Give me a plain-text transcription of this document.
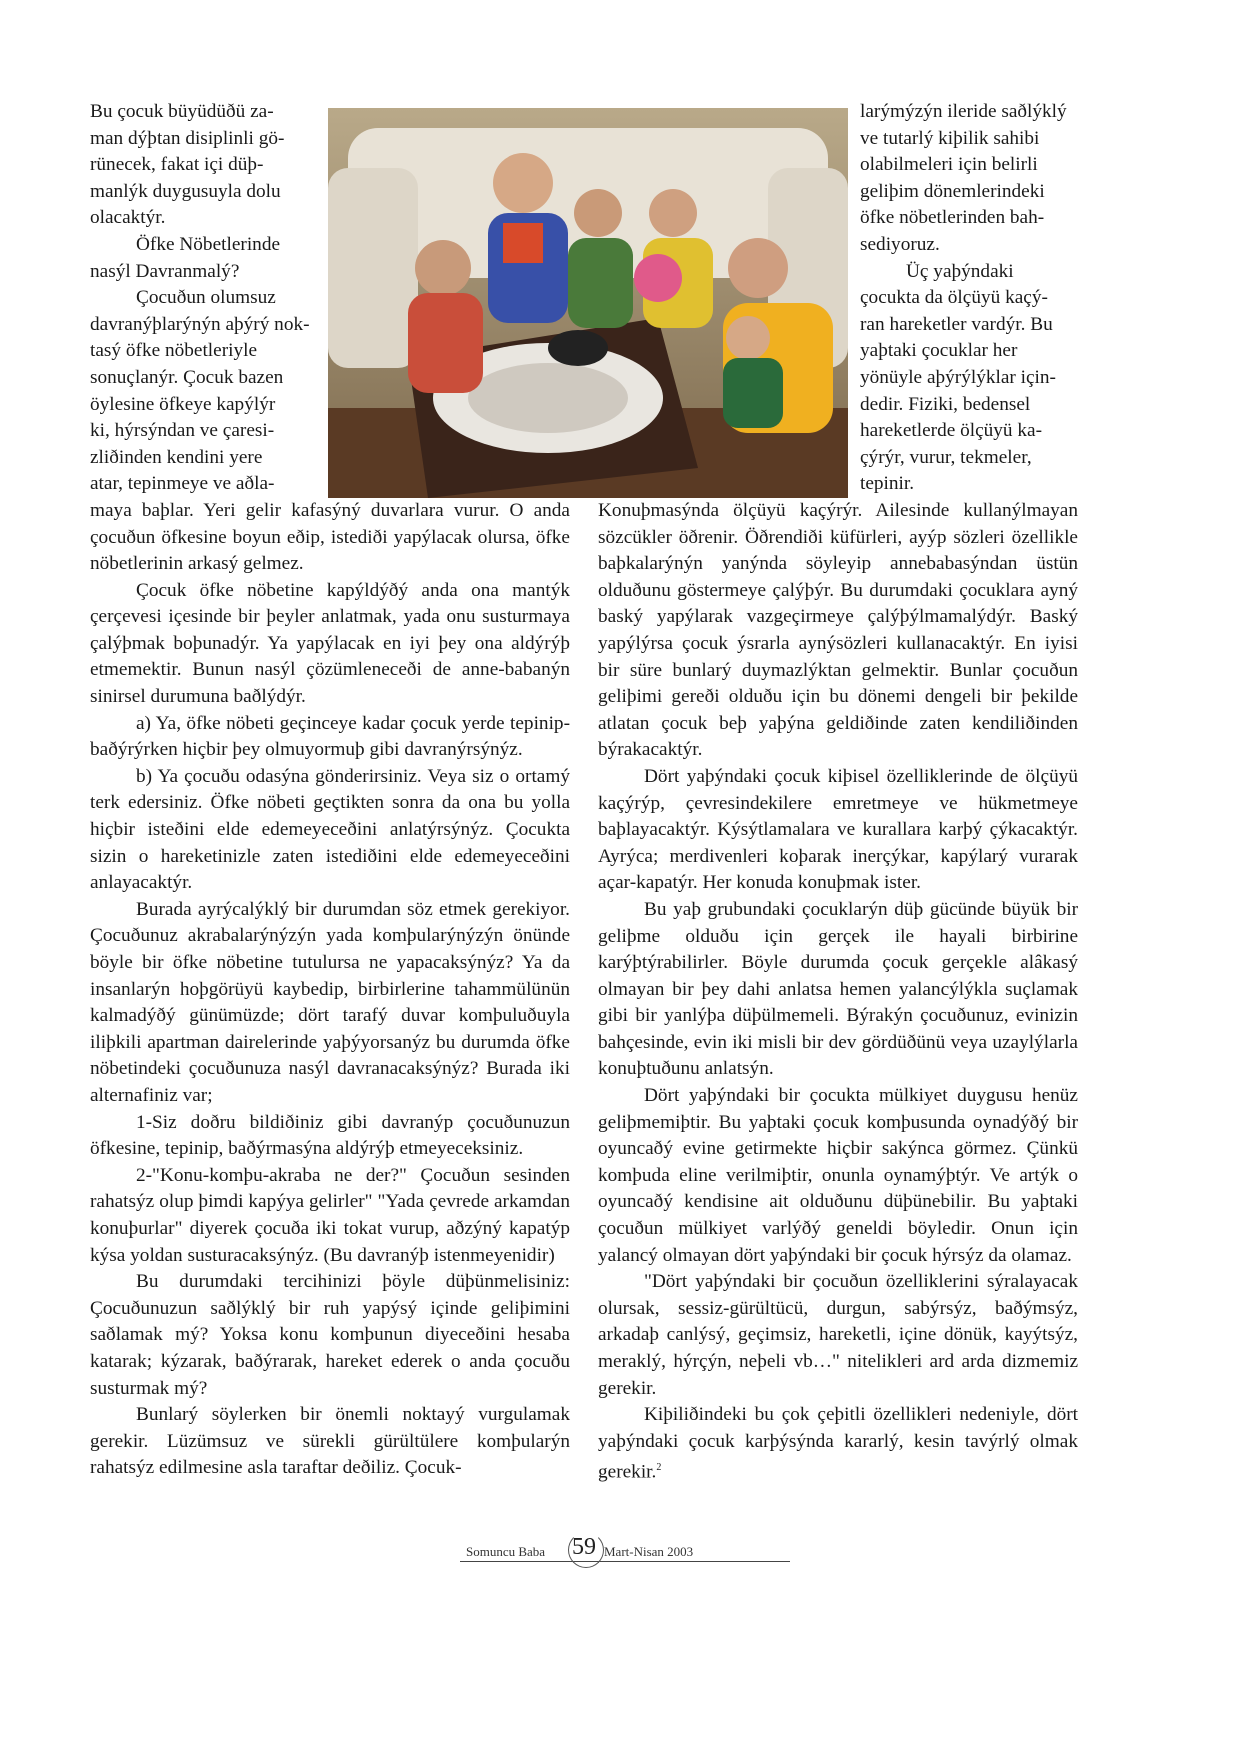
Bu çocuk büyüdüðü za-

man dýþtan disiplinli gö-

rünecek, fakat içi düþ-

manlýk duygusuyla dolu

olacaktýr.

Öfke Nöbetlerinde

nasýl Davranmalý?

Çocuðun olumsuz

davranýþlarýnýn aþýrý nok-

tasý öfke nöbetleriyle

sonuçlanýr. Çocuk bazen

öylesine öfkeye kapýlýr

ki, hýrsýndan ve çaresi-

zliðinden kendini yere

atar, tepinmeye ve aðla-

maya baþlar. Yeri gelir kafasýný duvarlara vurur. O anda çocuðun öfkesine boyun eðip, istediði yapýlacak olursa, öfke nöbetlerinin arkasý gelmez.

Çocuk öfke nöbetine kapýldýðý anda ona mantýk çerçevesi içesinde bir þeyler anlatmak, yada onu susturmaya çalýþmak boþunadýr. Ya yapýlacak en iyi þey ona aldýrýþ etmemektir. Bunun nasýl çözümleneceði de anne-babanýn sinirsel durumuna baðlýdýr.

a) Ya, öfke nöbeti geçinceye kadar çocuk yerde tepinip-baðýrýrken hiçbir þey olmuyormuþ gibi davranýrsýnýz.

b) Ya çocuðu odasýna gönderirsiniz. Veya siz o ortamý terk edersiniz. Öfke nöbeti geçtikten sonra da ona bu yolla hiçbir isteðini elde edemeyeceðini anlatýrsýnýz. Çocukta sizin o hareketinizle zaten istediðini elde edemeyeceðini anlayacaktýr.

Burada ayrýcalýklý bir durumdan söz etmek gerekiyor. Çocuðunuz akrabalarýnýzýn yada komþularýnýzýn önünde böyle bir öfke nöbetine tutulursa ne yapacaksýnýz? Ya da insanlarýn hoþgörüyü kaybedip, birbirlerine tahammülünün kalmadýðý günümüzde; dört tarafý duvar komþuluðuyla iliþkili apartman dairelerinde yaþýyorsanýz bu durumda öfke nöbetindeki çocuðunuza nasýl davranacaksýnýz? Burada iki alternafiniz var;

1-Siz doðru bildiðiniz gibi davranýp çocuðunuzun öfkesine, tepinip, baðýrmasýna aldýrýþ etmeyeceksiniz.

2-"Konu-komþu-akraba ne der?" Çocuðun sesinden rahatsýz olup þimdi kapýya gelirler" "Yada çevrede arkamdan konuþurlar" diyerek çocuða iki tokat vurup, aðzýný kapatýp kýsa yoldan susturacaksýnýz. (Bu davranýþ istenmeyenidir)

Bu durumdaki tercihinizi þöyle düþünmelisiniz: Çocuðunuzun saðlýklý bir ruh yapýsý içinde geliþimini saðlamak mý? Yoksa konu komþunun diyeceðini hesaba katarak; kýzarak, baðýrarak, hareket ederek o anda çocuðu susturmak mý?

Bunlarý söylerken bir önemli noktayý vurgulamak gerekir. Lüzümsuz ve sürekli gürültülere komþularýn rahatsýz edilmesine asla taraftar deðiliz. Çocuk-

larýmýzýn ileride saðlýklý

ve tutarlý kiþilik sahibi

olabilmeleri için belirli

geliþim dönemlerindeki

öfke nöbetlerinden bah-

sediyoruz.

Üç yaþýndaki

çocukta da ölçüyü kaçý-

ran hareketler vardýr. Bu

yaþtaki çocuklar her

yönüyle aþýrýlýklar için-

dedir. Fiziki, bedensel

hareketlerde ölçüyü ka-

çýrýr, vurur, tekmeler,

tepinir.

Konuþmasýnda ölçüyü kaçýrýr. Ailesinde kullanýlmayan sözcükler öðrenir. Öðrendiði küfürleri, ayýp sözleri özellikle baþkalarýnýn yanýnda söyleyip annebabasýndan üstün olduðunu göstermeye çalýþýr. Bu durumdaki çocuklara ayný baský yapýlarak vazgeçirmeye çalýþýlmamalýdýr. Baský yapýlýrsa çocuk ýsrarla aynýsözleri kullanacaktýr. En iyisi bir süre bunlarý duymazlýktan gelmektir. Bunlar çocuðun geliþimi gereði olduðu için bu dönemi dengeli bir þekilde atlatan çocuk beþ yaþýna geldiðinde zaten kendiliðinden býrakacaktýr.

Dört yaþýndaki çocuk kiþisel özelliklerinde de ölçüyü kaçýrýp, çevresindekilere emretmeye ve hükmetmeye baþlayacaktýr. Kýsýtlamalara ve kurallara karþý çýkacaktýr. Ayrýca; merdivenleri koþarak inerçýkar, kapýlarý vurarak açar-kapatýr. Her konuda konuþmak ister.

Bu yaþ grubundaki çocuklarýn düþ gücünde büyük bir geliþme olduðu için gerçek ile hayali birbirine karýþtýrabilirler. Böyle durumda çocuk gerçekle alâkasý olmayan bir þey dahi anlatsa hemen yalancýlýkla suçlamak gibi bir yanlýþa düþülmemeli. Býrakýn çocuðunuz, evinizin bahçesinde, evin iki misli bir dev gördüðünü veya uzaylýlarla konuþtuðunu anlatsýn.

Dört yaþýndaki bir çocukta mülkiyet duygusu henüz geliþmemiþtir. Bu yaþtaki çocuk komþusunda oynadýðý bir oyuncaðý evine getirmekte hiçbir sakýnca görmez. Çünkü komþuda eline verilmiþtir, onunla oynamýþtýr. Ve artýk o oyuncaðý kendisine ait olduðunu düþünebilir. Bu yaþtaki çocuðun mülkiyet varlýðý geneldi böyledir. Onun için yalancý olmayan dört yaþýndaki bir çocuk hýrsýz da olamaz.

"Dört yaþýndaki bir çocuðun özelliklerini sýralayacak olursak, sessiz-gürültücü, durgun, sabýrsýz, baðýmsýz, arkadaþ canlýsý, geçimsiz, hareketli, içine dönük, kayýtsýz, meraklý, hýrçýn, neþeli vb…" nitelikleri ard arda dizmemiz gerekir.

Kiþiliðindeki bu çok çeþitli özellikleri nedeniyle, dört yaþýndaki çocuk karþýsýnda kararlý, kesin tavýrlý olmak gerekir.$^2$

Somuncu Baba 59 Mart-Nisan 2003
